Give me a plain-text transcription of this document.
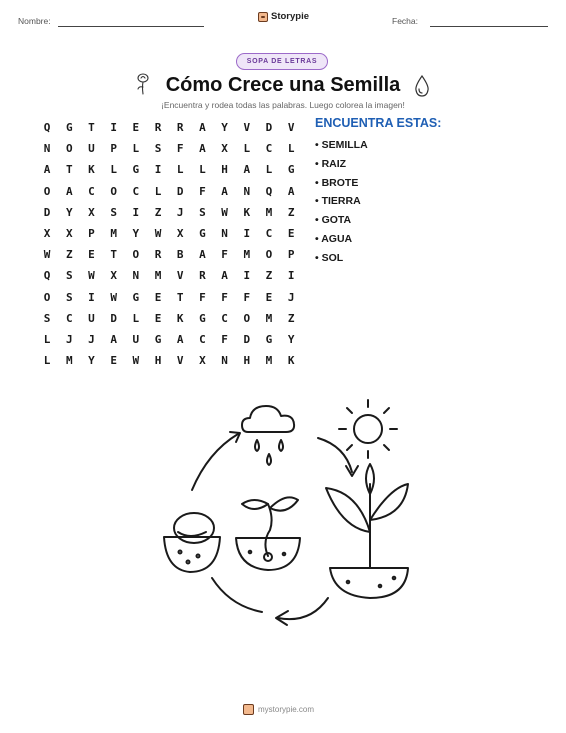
Nombre:	Storypie	Fecha:
SOPA DE LETRAS
Cómo Crece una Semilla
¡Encuentra y rodea todas las palabras. Luego colorea la imagen!
Q	G	T	I	E	R	R	A	Y	V	D	V
N	O	U	P	L	S	F	A	X	L	C	L
A	T	K	L	G	I	L	L	H	A	L	G
O	A	C	O	C	L	D	F	A	N	Q	A
D	Y	X	S	I	Z	J	S	W	K	M	Z
X	X	P	M	Y	W	X	G	N	I	C	E
W	Z	E	T	O	R	B	A	F	M	O	P
Q	S	W	X	N	M	V	R	A	I	Z	I
O	S	I	W	G	E	T	F	F	F	E	J
S	C	U	D	L	E	K	G	C	O	M	Z
L	J	J	A	U	G	A	C	F	D	G	Y
L	M	Y	E	W	H	V	X	N	H	M	K
ENCUENTRA ESTAS:
• SEMILLA
• RAIZ
• BROTE
• TIERRA
• GOTA
• AGUA
• SOL
mystorypie.com
